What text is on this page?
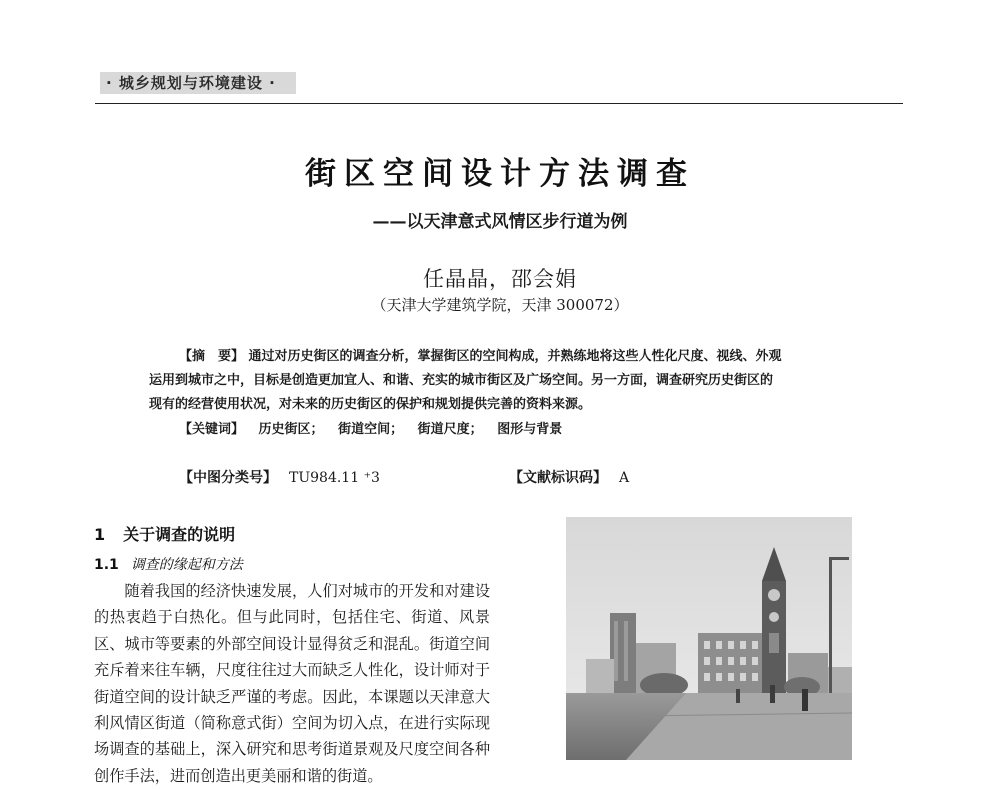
· 城乡规划与环境建设 ·
街区空间设计方法调查
——以天津意式风情区步行道为例
任晶晶，邵会娟
（天津大学建筑学院，天津 300072）
【摘　要】 通过对历史街区的调查分析，掌握街区的空间构成，并熟练地将这些人性化尺度、视线、外观
运用到城市之中，目标是创造更加宜人、和谐、充实的城市街区及广场空间。另一方面，调查研究历史街区的
现有的经营使用状况，对未来的历史街区的保护和规划提供完善的资料来源。
【关键词】 历史街区； 街道空间； 街道尺度； 图形与背景
【中图分类号】 TU984.11 ⁺3	【文献标识码】 A
1 关于调查的说明
1.1 调查的缘起和方法
随着我国的经济快速发展，人们对城市的开发和对建设的热衷趋于白热化。但与此同时，包括住宅、街道、风景区、城市等要素的外部空间设计显得贫乏和混乱。街道空间充斥着来往车辆，尺度往往过大而缺乏人性化，设计师对于街道空间的设计缺乏严谨的考虑。因此，本课题以天津意大利风情区街道（简称意式街）空间为切入点，在进行实际现场调查的基础上，深入研究和思考街道景观及尺度空间各种创作手法，进而创造出更美丽和谐的街道。
